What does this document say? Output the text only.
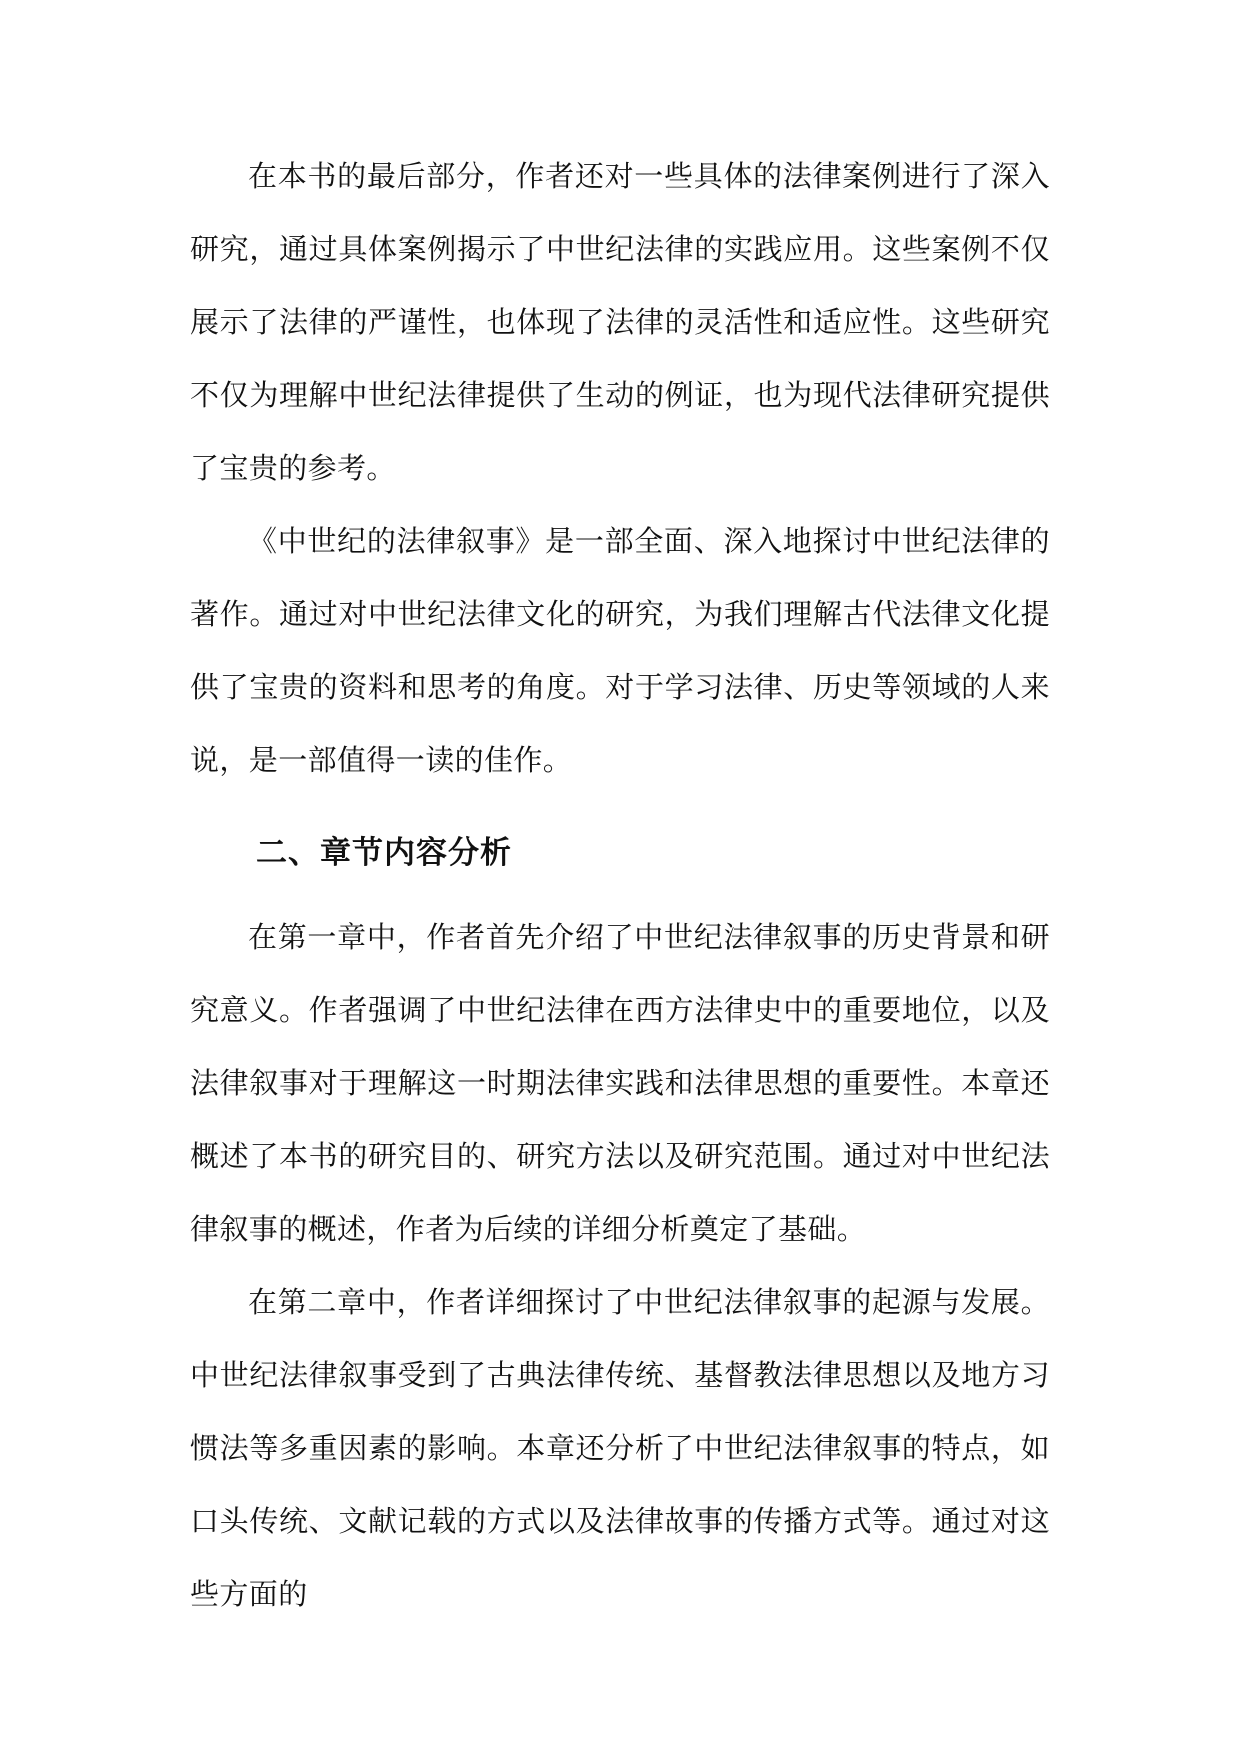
在本书的最后部分，作者还对一些具体的法律案例进行了深入研究，通过具体案例揭示了中世纪法律的实践应用。这些案例不仅展示了法律的严谨性，也体现了法律的灵活性和适应性。这些研究不仅为理解中世纪法律提供了生动的例证，也为现代法律研究提供了宝贵的参考。

《中世纪的法律叙事》是一部全面、深入地探讨中世纪法律的著作。通过对中世纪法律文化的研究，为我们理解古代法律文化提供了宝贵的资料和思考的角度。对于学习法律、历史等领域的人来说，是一部值得一读的佳作。

二、章节内容分析

在第一章中，作者首先介绍了中世纪法律叙事的历史背景和研究意义。作者强调了中世纪法律在西方法律史中的重要地位，以及法律叙事对于理解这一时期法律实践和法律思想的重要性。本章还概述了本书的研究目的、研究方法以及研究范围。通过对中世纪法律叙事的概述，作者为后续的详细分析奠定了基础。

在第二章中，作者详细探讨了中世纪法律叙事的起源与发展。中世纪法律叙事受到了古典法律传统、基督教法律思想以及地方习惯法等多重因素的影响。本章还分析了中世纪法律叙事的特点，如口头传统、文献记载的方式以及法律故事的传播方式等。通过对这些方面的
